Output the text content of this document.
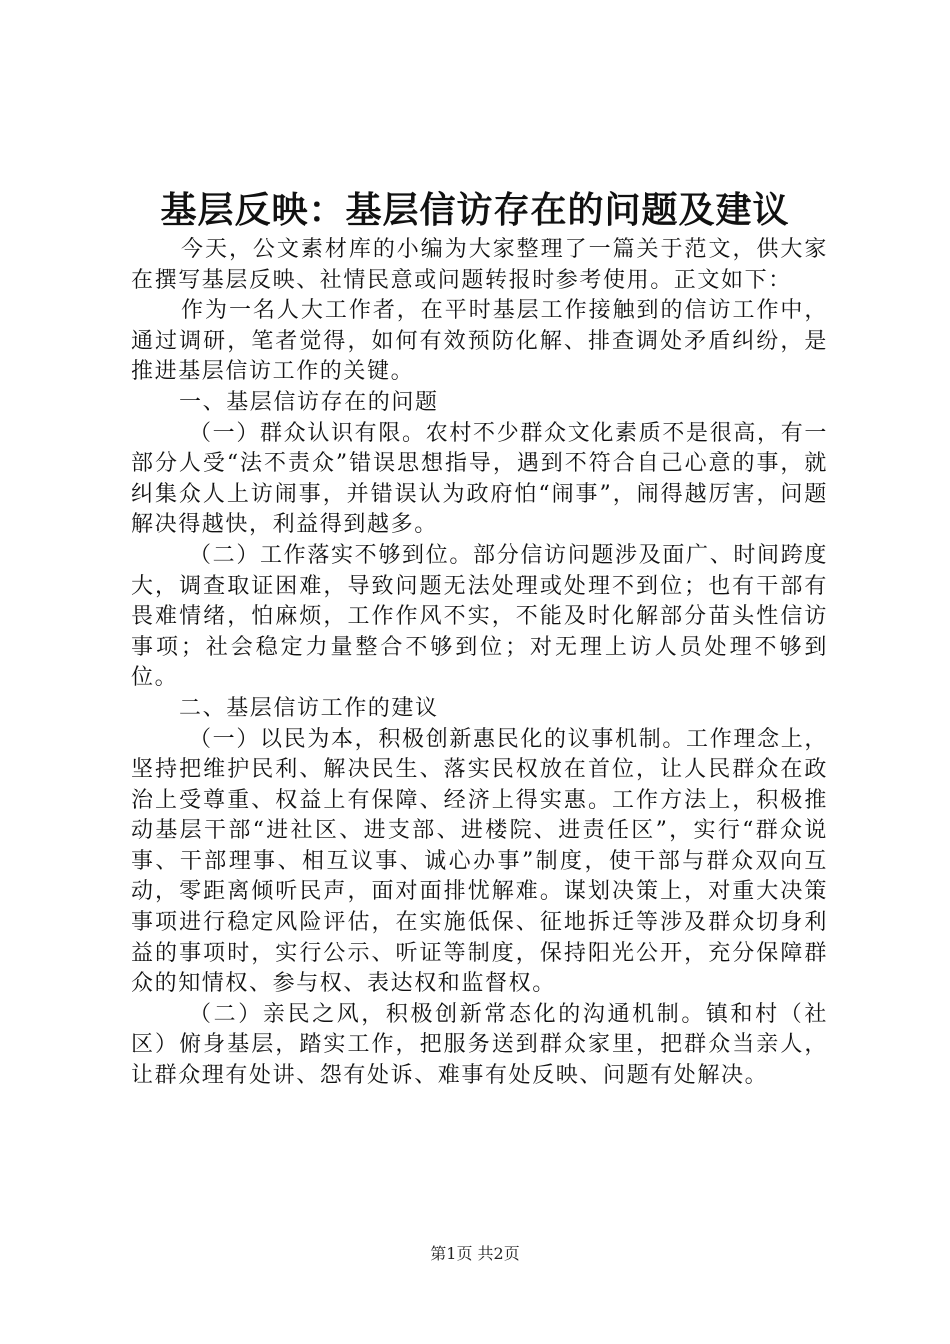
基层反映：基层信访存在的问题及建议

今天，公文素材库的小编为大家整理了一篇关于范文，供大家在撰写基层反映、社情民意或问题转报时参考使用。正文如下：

作为一名人大工作者，在平时基层工作接触到的信访工作中，通过调研，笔者觉得，如何有效预防化解、排查调处矛盾纠纷，是推进基层信访工作的关键。

一、基层信访存在的问题

（一）群众认识有限。农村不少群众文化素质不是很高，有一部分人受“法不责众”错误思想指导，遇到不符合自己心意的事，就纠集众人上访闹事，并错误认为政府怕“闹事”，闹得越厉害，问题解决得越快，利益得到越多。

（二）工作落实不够到位。部分信访问题涉及面广、时间跨度大，调查取证困难，导致问题无法处理或处理不到位；也有干部有畏难情绪，怕麻烦，工作作风不实，不能及时化解部分苗头性信访事项；社会稳定力量整合不够到位；对无理上访人员处理不够到位。

二、基层信访工作的建议

（一）以民为本，积极创新惠民化的议事机制。工作理念上，坚持把维护民利、解决民生、落实民权放在首位，让人民群众在政治上受尊重、权益上有保障、经济上得实惠。工作方法上，积极推动基层干部“进社区、进支部、进楼院、进责任区”，实行“群众说事、干部理事、相互议事、诚心办事”制度，使干部与群众双向互动，零距离倾听民声，面对面排忧解难。谋划决策上，对重大决策事项进行稳定风险评估，在实施低保、征地拆迁等涉及群众切身利益的事项时，实行公示、听证等制度，保持阳光公开，充分保障群众的知情权、参与权、表达权和监督权。

（二）亲民之风，积极创新常态化的沟通机制。镇和村（社区）俯身基层，踏实工作，把服务送到群众家里，把群众当亲人，让群众理有处讲、怨有处诉、难事有处反映、问题有处解决。

第1页 共2页
